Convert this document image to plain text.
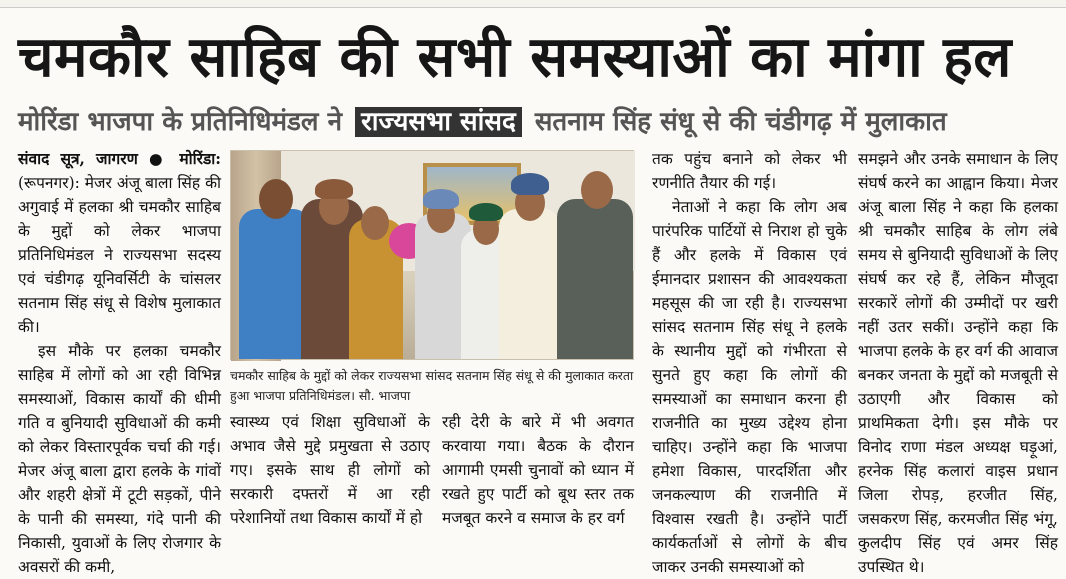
चमकौर साहिब की सभी समस्याओं का मांगा हल
मोरिंडा भाजपा के प्रतिनिधिमंडल ने राज्यसभा सांसद सतनाम सिंह संधू से की चंडीगढ़ में मुलाकात

संवाद सूत्र, जागरण ● मोरिंडा: (रूपनगर): मेजर अंजू बाला सिंह की अगुवाई में हलका श्री चमकौर साहिब के मुद्दों को लेकर भाजपा प्रतिनिधिमंडल ने राज्यसभा सदस्य एवं चंडीगढ़ यूनिवर्सिटी के चांसलर सतनाम सिंह संधू से विशेष मुलाकात की।

इस मौके पर हलका चमकौर साहिब में लोगों को आ रही विभिन्न समस्याओं, विकास कार्यों की धीमी गति व बुनियादी सुविधाओं की कमी को लेकर विस्तारपूर्वक चर्चा की गई। मेजर अंजू बाला द्वारा हलके के गांवों और शहरी क्षेत्रों में टूटी सड़कों, पीने के पानी की समस्या, गंदे पानी की निकासी, युवाओं के लिए रोजगार के अवसरों की कमी,

चमकौर साहिब के मुद्दों को लेकर राज्यसभा सांसद सतनाम सिंह संधू से की मुलाकात करता हुआ भाजपा प्रतिनिधिमंडल। सौ. भाजपा

स्वास्थ्य एवं शिक्षा सुविधाओं के अभाव जैसे मुद्दे प्रमुखता से उठाए गए। इसके साथ ही लोगों को सरकारी दफ्तरों में आ रही परेशानियों तथा विकास कार्यों में हो

रही देरी के बारे में भी अवगत करवाया गया। बैठक के दौरान आगामी एमसी चुनावों को ध्यान में रखते हुए पार्टी को बूथ स्तर तक मजबूत करने व समाज के हर वर्ग

तक पहुंच बनाने को लेकर भी रणनीति तैयार की गई।

नेताओं ने कहा कि लोग अब पारंपरिक पार्टियों से निराश हो चुके हैं और हलके में विकास एवं ईमानदार प्रशासन की आवश्यकता महसूस की जा रही है। राज्यसभा सांसद सतनाम सिंह संधू ने हलके के स्थानीय मुद्दों को गंभीरता से सुनते हुए कहा कि लोगों की समस्याओं का समाधान करना ही राजनीति का मुख्य उद्देश्य होना चाहिए। उन्होंने कहा कि भाजपा हमेशा विकास, पारदर्शिता और जनकल्याण की राजनीति में विश्वास रखती है। उन्होंने पार्टी कार्यकर्ताओं से लोगों के बीच जाकर उनकी समस्याओं को

समझने और उनके समाधान के लिए संघर्ष करने का आह्वान किया। मेजर अंजू बाला सिंह ने कहा कि हलका श्री चमकौर साहिब के लोग लंबे समय से बुनियादी सुविधाओं के लिए संघर्ष कर रहे हैं, लेकिन मौजूदा सरकारें लोगों की उम्मीदों पर खरी नहीं उतर सकीं। उन्होंने कहा कि भाजपा हलके के हर वर्ग की आवाज बनकर जनता के मुद्दों को मजबूती से उठाएगी और विकास को प्राथमिकता देगी। इस मौके पर विनोद राणा मंडल अध्यक्ष घड़ूआं, हरनेक सिंह कलारां वाइस प्रधान जिला रोपड़, हरजीत सिंह, जसकरण सिंह, करमजीत सिंह भंगू, कुलदीप सिंह एवं अमर सिंह उपस्थित थे।
